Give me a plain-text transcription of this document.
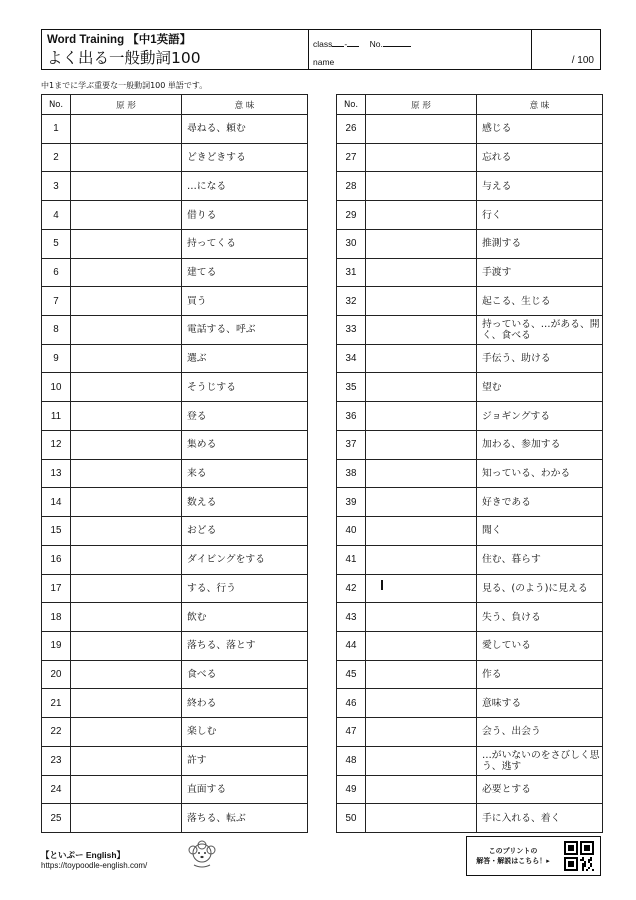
Word Training 【中1英語】
よく出る一般動詞100
class -	No.
name	/ 100
中1までに学ぶ重要な一般動詞100 単語です。
No.	原 形	意 味
1		尋ねる、頼む
2		どきどきする
3		…になる
4		借りる
5		持ってくる
6		建てる
7		買う
8		電話する、呼ぶ
9		選ぶ
10		そうじする
11		登る
12		集める
13		来る
14		数える
15		おどる
16		ダイビングをする
17		する、行う
18		飲む
19		落ちる、落とす
20		食べる
21		終わる
22		楽しむ
23		許す
24		直面する
25		落ちる、転ぶ
No.	原 形	意 味
26		感じる
27		忘れる
28		与える
29		行く
30		推測する
31		手渡す
32		起こる、生じる
33		持っている、…がある、開く、食べる
34		手伝う、助ける
35		望む
36		ジョギングする
37		加わる、参加する
38		知っている、わかる
39		好きである
40		聞く
41		住む、暮らす
42		見る、(のよう)に見える
43		失う、負ける
44		愛している
45		作る
46		意味する
47		会う、出会う
48		…がいないのをさびしく思う、逃す
49		必要とする
50		手に入れる、着く
【といぷー English】
https://toypoodle-english.com/
このプリントの
解答・解説はこちら！▸
